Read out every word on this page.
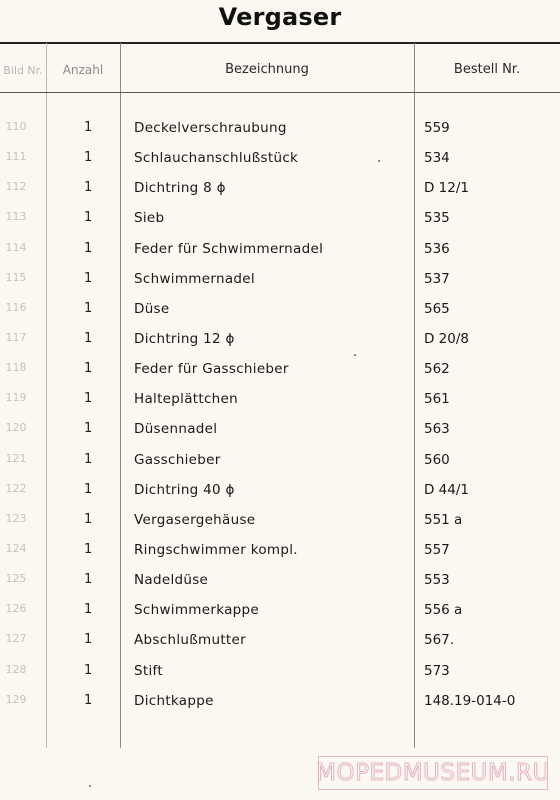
Vergaser
Bild Nr.	Anzahl	Bezeichnung	Bestell Nr.
110	1	Deckelverschraubung	559
111	1	Schlauchanschlußstück	534
112	1	Dichtring 8 ϕ	D 12/1
113	1	Sieb	535
114	1	Feder für Schwimmernadel	536
115	1	Schwimmernadel	537
116	1	Düse	565
117	1	Dichtring 12 ϕ	D 20/8
118	1	Feder für Gasschieber	562
119	1	Halteplättchen	561
120	1	Düsennadel	563
121	1	Gasschieber	560
122	1	Dichtring 40 ϕ	D 44/1
123	1	Vergasergehäuse	551 a
124	1	Ringschwimmer kompl.	557
125	1	Nadeldüse	553
126	1	Schwimmerkappe	556 a
127	1	Abschlußmutter	567.
128	1	Stift	573
129	1	Dichtkappe	148.19-014-0
MOPEDMUSEUM.RU
